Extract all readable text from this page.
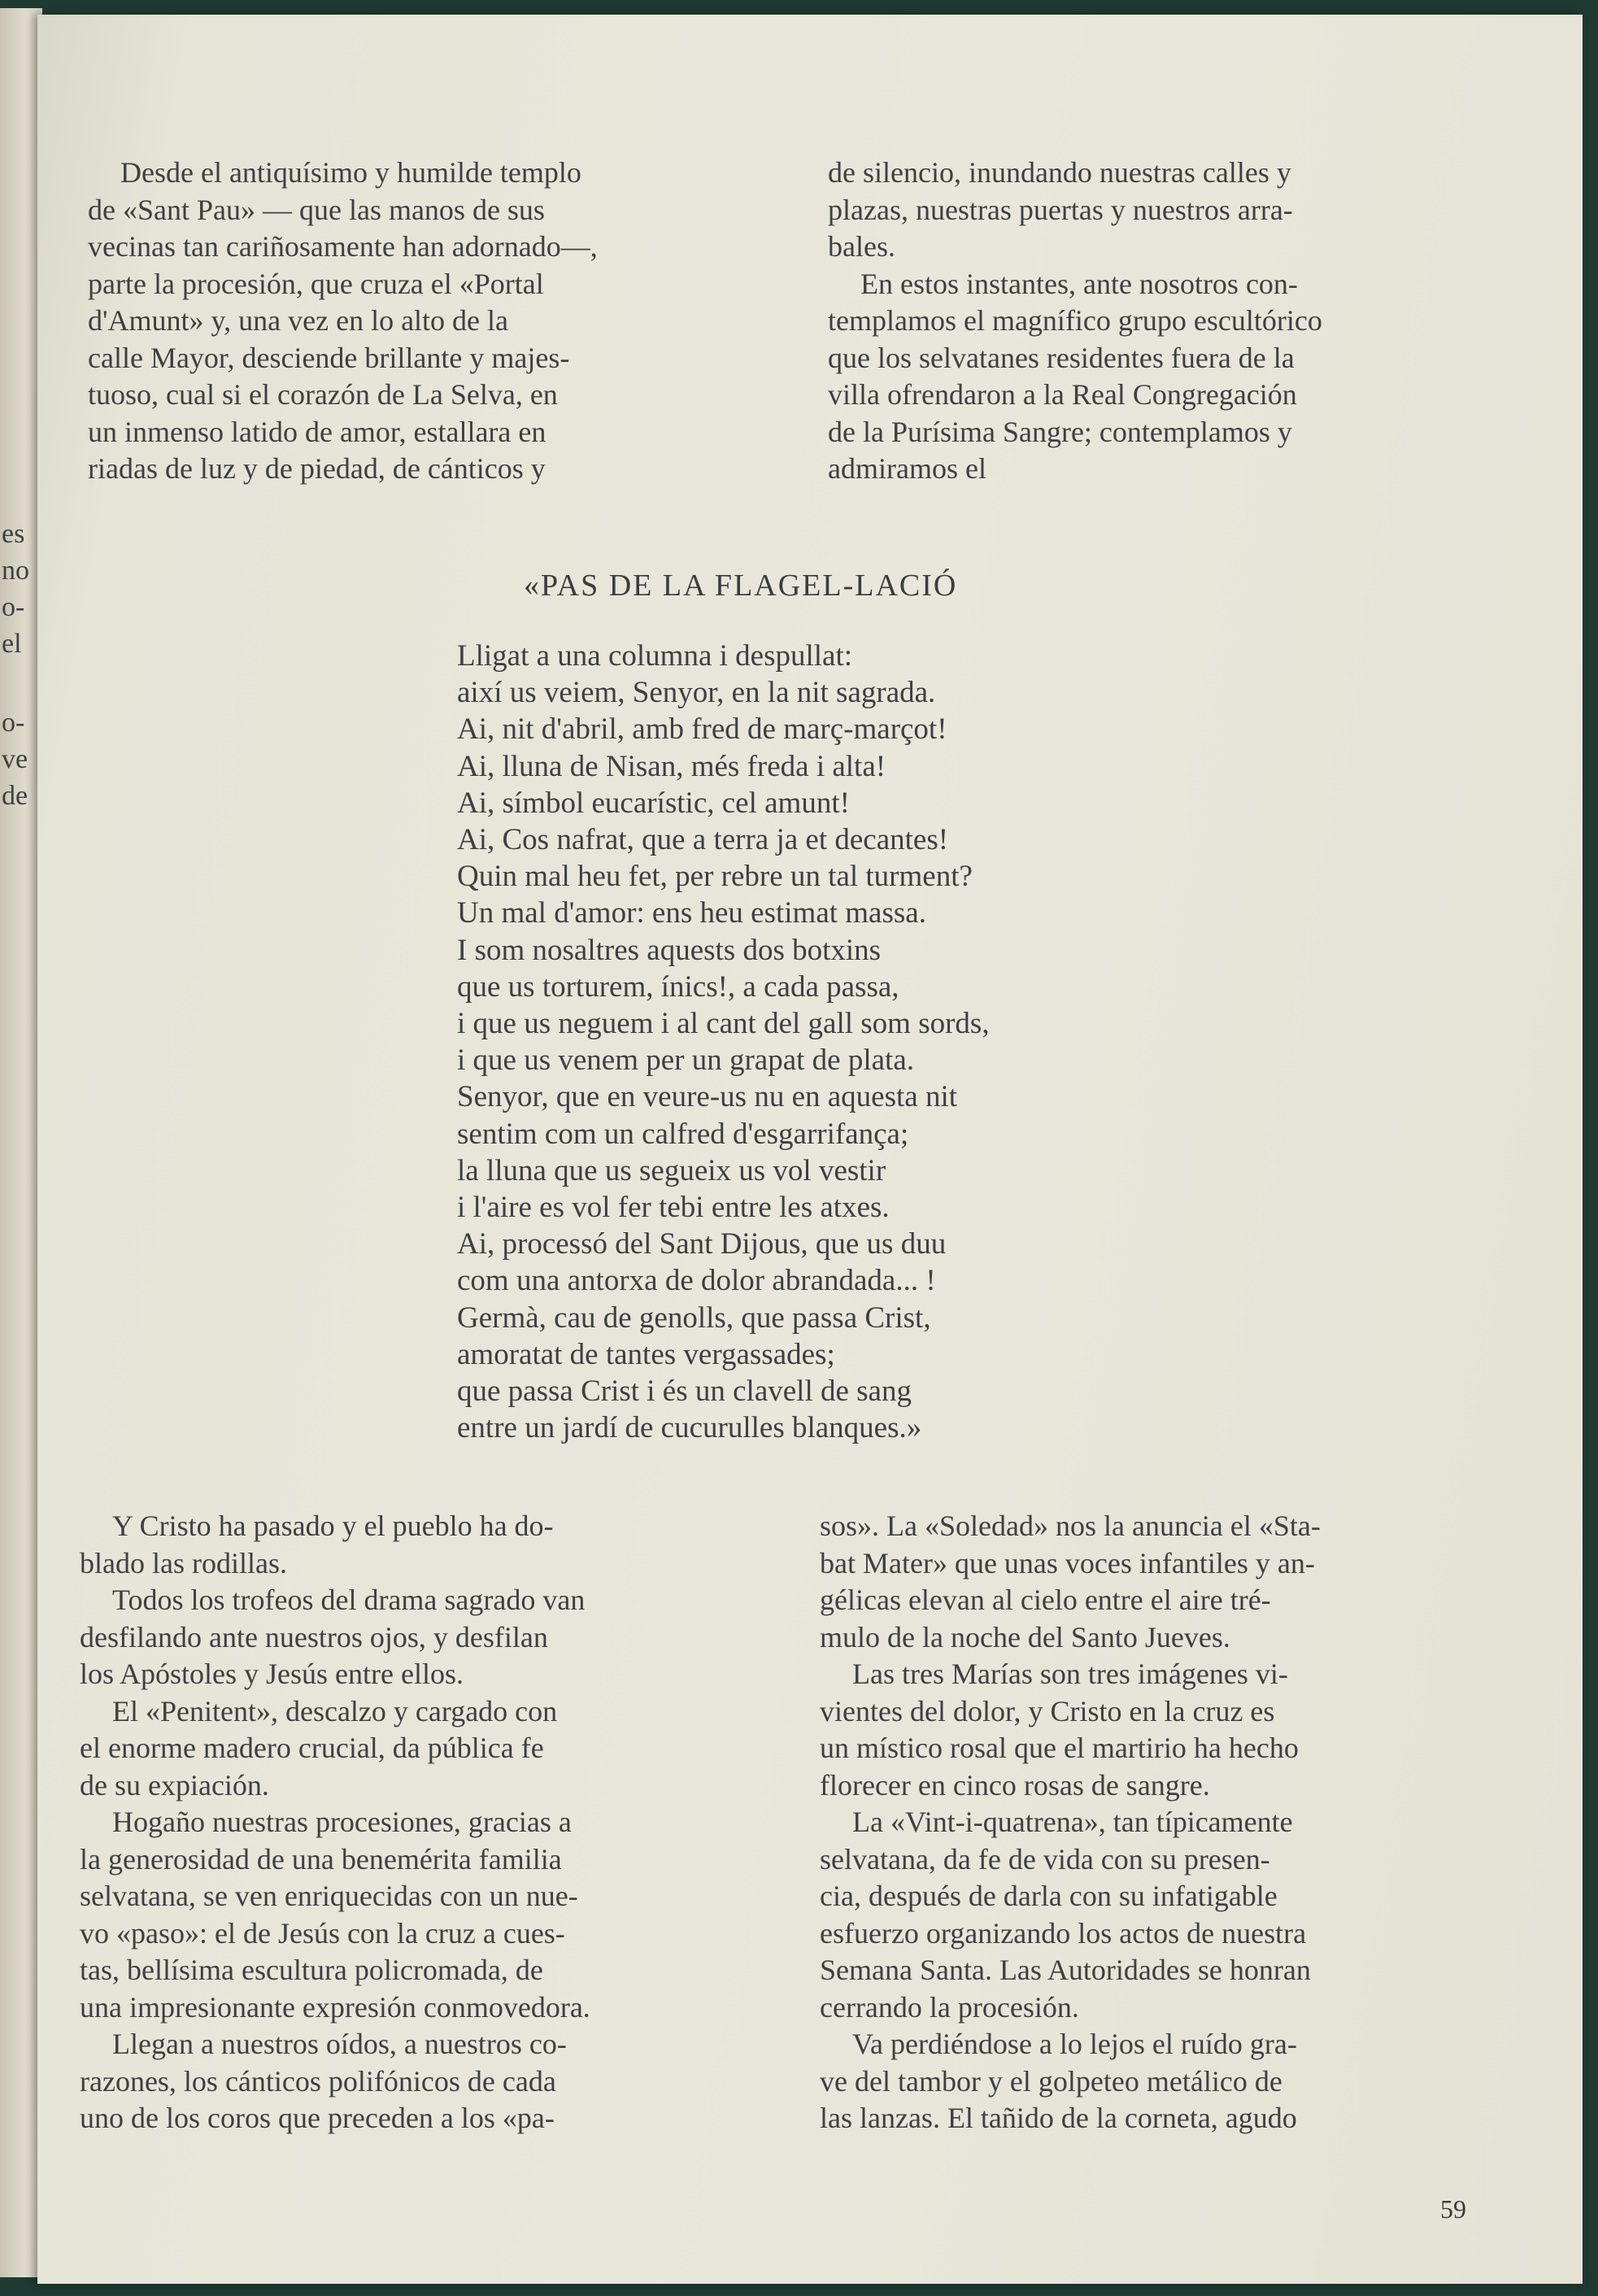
es
no
o-
el
o-
ve
de
Desde el antiquísimo y humilde templo
de «Sant Pau» — que las manos de sus
vecinas tan cariñosamente han adornado—,
parte la procesión, que cruza el «Portal
d'Amunt» y, una vez en lo alto de la
calle Mayor, desciende brillante y majes-
tuoso, cual si el corazón de La Selva, en
un inmenso latido de amor, estallara en
riadas de luz y de piedad, de cánticos y
de silencio, inundando nuestras calles y
plazas, nuestras puertas y nuestros arra-
bales.
En estos instantes, ante nosotros con-
templamos el magnífico grupo escultórico
que los selvatanes residentes fuera de la
villa ofrendaron a la Real Congregación
de la Purísima Sangre; contemplamos y
admiramos el
«PAS DE LA FLAGEL-LACIÓ
Lligat a una columna i despullat:
així us veiem, Senyor, en la nit sagrada.
Ai, nit d'abril, amb fred de març-marçot!
Ai, lluna de Nisan, més freda i alta!
Ai, símbol eucarístic, cel amunt!
Ai, Cos nafrat, que a terra ja et decantes!
Quin mal heu fet, per rebre un tal turment?
Un mal d'amor: ens heu estimat massa.
I som nosaltres aquests dos botxins
que us torturem, ínics!, a cada passa,
i que us neguem i al cant del gall som sords,
i que us venem per un grapat de plata.
Senyor, que en veure-us nu en aquesta nit
sentim com un calfred d'esgarrifança;
la lluna que us segueix us vol vestir
i l'aire es vol fer tebi entre les atxes.
Ai, processó del Sant Dijous, que us duu
com una antorxa de dolor abrandada... !
Germà, cau de genolls, que passa Crist,
amoratat de tantes vergassades;
que passa Crist i és un clavell de sang
entre un jardí de cucurulles blanques.»
Y Cristo ha pasado y el pueblo ha do-
blado las rodillas.
Todos los trofeos del drama sagrado van
desfilando ante nuestros ojos, y desfilan
los Apóstoles y Jesús entre ellos.
El «Penitent», descalzo y cargado con
el enorme madero crucial, da pública fe
de su expiación.
Hogaño nuestras procesiones, gracias a
la generosidad de una benemérita familia
selvatana, se ven enriquecidas con un nue-
vo «paso»: el de Jesús con la cruz a cues-
tas, bellísima escultura policromada, de
una impresionante expresión conmovedora.
Llegan a nuestros oídos, a nuestros co-
razones, los cánticos polifónicos de cada
uno de los coros que preceden a los «pa-
sos». La «Soledad» nos la anuncia el «Sta-
bat Mater» que unas voces infantiles y an-
gélicas elevan al cielo entre el aire tré-
mulo de la noche del Santo Jueves.
Las tres Marías son tres imágenes vi-
vientes del dolor, y Cristo en la cruz es
un místico rosal que el martirio ha hecho
florecer en cinco rosas de sangre.
La «Vint-i-quatrena», tan típicamente
selvatana, da fe de vida con su presen-
cia, después de darla con su infatigable
esfuerzo organizando los actos de nuestra
Semana Santa. Las Autoridades se honran
cerrando la procesión.
Va perdiéndose a lo lejos el ruído gra-
ve del tambor y el golpeteo metálico de
las lanzas. El tañido de la corneta, agudo
59
